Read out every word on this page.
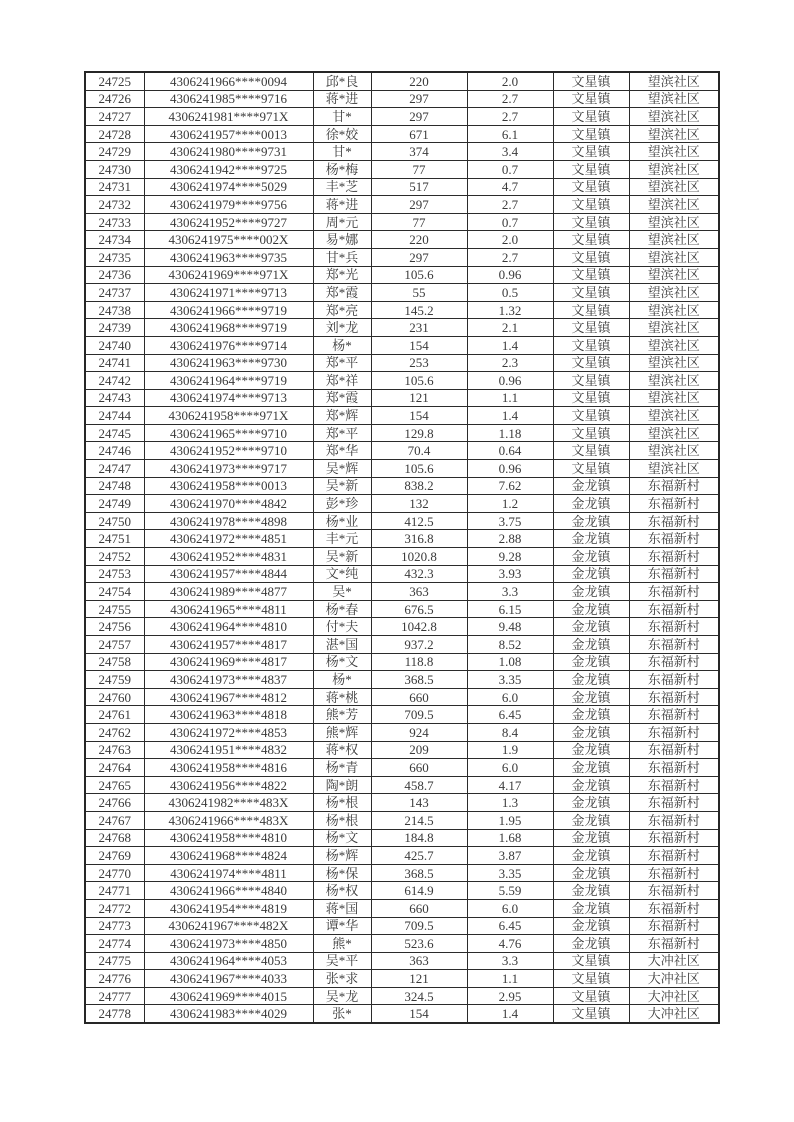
24725	4306241966****0094	邱*良	220	2.0	文星镇	望滨社区
24726	4306241985****9716	蒋*进	297	2.7	文星镇	望滨社区
24727	4306241981****971X	甘*	297	2.7	文星镇	望滨社区
24728	4306241957****0013	徐*姣	671	6.1	文星镇	望滨社区
24729	4306241980****9731	甘*	374	3.4	文星镇	望滨社区
24730	4306241942****9725	杨*梅	77	0.7	文星镇	望滨社区
24731	4306241974****5029	丰*芝	517	4.7	文星镇	望滨社区
24732	4306241979****9756	蒋*进	297	2.7	文星镇	望滨社区
24733	4306241952****9727	周*元	77	0.7	文星镇	望滨社区
24734	4306241975****002X	易*娜	220	2.0	文星镇	望滨社区
24735	4306241963****9735	甘*兵	297	2.7	文星镇	望滨社区
24736	4306241969****971X	郑*光	105.6	0.96	文星镇	望滨社区
24737	4306241971****9713	郑*霞	55	0.5	文星镇	望滨社区
24738	4306241966****9719	郑*亮	145.2	1.32	文星镇	望滨社区
24739	4306241968****9719	刘*龙	231	2.1	文星镇	望滨社区
24740	4306241976****9714	杨*	154	1.4	文星镇	望滨社区
24741	4306241963****9730	郑*平	253	2.3	文星镇	望滨社区
24742	4306241964****9719	郑*祥	105.6	0.96	文星镇	望滨社区
24743	4306241974****9713	郑*霞	121	1.1	文星镇	望滨社区
24744	4306241958****971X	郑*辉	154	1.4	文星镇	望滨社区
24745	4306241965****9710	郑*平	129.8	1.18	文星镇	望滨社区
24746	4306241952****9710	郑*华	70.4	0.64	文星镇	望滨社区
24747	4306241973****9717	吴*辉	105.6	0.96	文星镇	望滨社区
24748	4306241958****0013	吴*新	838.2	7.62	金龙镇	东福新村
24749	4306241970****4842	彭*珍	132	1.2	金龙镇	东福新村
24750	4306241978****4898	杨*业	412.5	3.75	金龙镇	东福新村
24751	4306241972****4851	丰*元	316.8	2.88	金龙镇	东福新村
24752	4306241952****4831	吴*新	1020.8	9.28	金龙镇	东福新村
24753	4306241957****4844	文*纯	432.3	3.93	金龙镇	东福新村
24754	4306241989****4877	吴*	363	3.3	金龙镇	东福新村
24755	4306241965****4811	杨*春	676.5	6.15	金龙镇	东福新村
24756	4306241964****4810	付*夫	1042.8	9.48	金龙镇	东福新村
24757	4306241957****4817	湛*国	937.2	8.52	金龙镇	东福新村
24758	4306241969****4817	杨*文	118.8	1.08	金龙镇	东福新村
24759	4306241973****4837	杨*	368.5	3.35	金龙镇	东福新村
24760	4306241967****4812	蒋*桃	660	6.0	金龙镇	东福新村
24761	4306241963****4818	熊*芳	709.5	6.45	金龙镇	东福新村
24762	4306241972****4853	熊*辉	924	8.4	金龙镇	东福新村
24763	4306241951****4832	蒋*权	209	1.9	金龙镇	东福新村
24764	4306241958****4816	杨*青	660	6.0	金龙镇	东福新村
24765	4306241956****4822	陶*朗	458.7	4.17	金龙镇	东福新村
24766	4306241982****483X	杨*根	143	1.3	金龙镇	东福新村
24767	4306241966****483X	杨*根	214.5	1.95	金龙镇	东福新村
24768	4306241958****4810	杨*文	184.8	1.68	金龙镇	东福新村
24769	4306241968****4824	杨*辉	425.7	3.87	金龙镇	东福新村
24770	4306241974****4811	杨*保	368.5	3.35	金龙镇	东福新村
24771	4306241966****4840	杨*权	614.9	5.59	金龙镇	东福新村
24772	4306241954****4819	蒋*国	660	6.0	金龙镇	东福新村
24773	4306241967****482X	谭*华	709.5	6.45	金龙镇	东福新村
24774	4306241973****4850	熊*	523.6	4.76	金龙镇	东福新村
24775	4306241964****4053	吴*平	363	3.3	文星镇	大冲社区
24776	4306241967****4033	张*求	121	1.1	文星镇	大冲社区
24777	4306241969****4015	吴*龙	324.5	2.95	文星镇	大冲社区
24778	4306241983****4029	张*	154	1.4	文星镇	大冲社区
